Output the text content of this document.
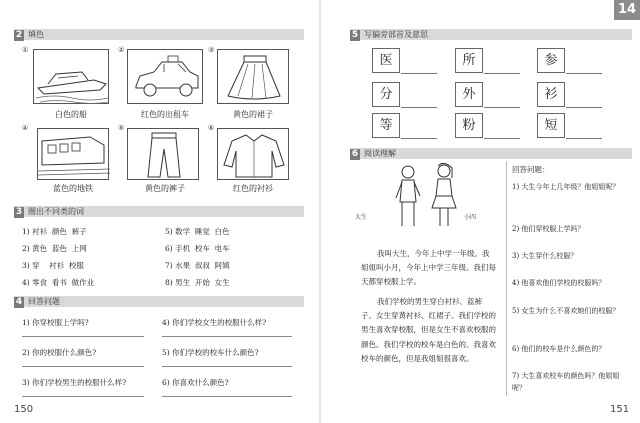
14
2 填色
①
白色的船
②
红色的出租车
③
黄色的裙子
④
蓝色的地铁
⑤
黄色的裤子
⑥
红色的衬衫
3 圈出不同类的词
1) 衬衫  颜色  裤子
2) 黄色  蓝色  上网
3) 穿    衬衫  校服
4) 零食  看书  做作业
5) 数学  睡觉  白色
6) 手机  校车  电车
7) 水果  叔叔  阿姨
8) 男生  开始  女生
4 回答问题
1) 你穿校服上学吗?
2) 你的校服什么颜色?
3) 你们学校男生的校服什么样?
4) 你们学校女生的校服什么样?
5) 你们学校的校车什么颜色?
6) 你喜欢什么颜色?
150
5 写偏旁部首及意思
医	所	参
分	外	衫
等	粉	短
6 阅读理解
大生	小四
我叫大生，今年上中学一年级。我姐姐叫小月，今年上中学三年级。我们每天都穿校服上学。
我们学校的男生穿白衬衫、蓝裤子。女生穿黄衬衫、红裙子。我们学校的男生喜欢穿校服，但是女生不喜欢校服的颜色。我们学校的校车是白色的。我喜欢校车的颜色，但是我姐姐很喜欢。
回答问题：
1) 大生今年上几年级？他姐姐呢？
2) 他们穿校服上学吗？
3) 大生穿什么校服？
4) 他喜欢他们学校的校服吗？
5) 女生为什么不喜欢她们的校服？
6) 他们的校车是什么颜色的？
7) 大生喜欢校车的颜色吗？他姐姐呢？
151
